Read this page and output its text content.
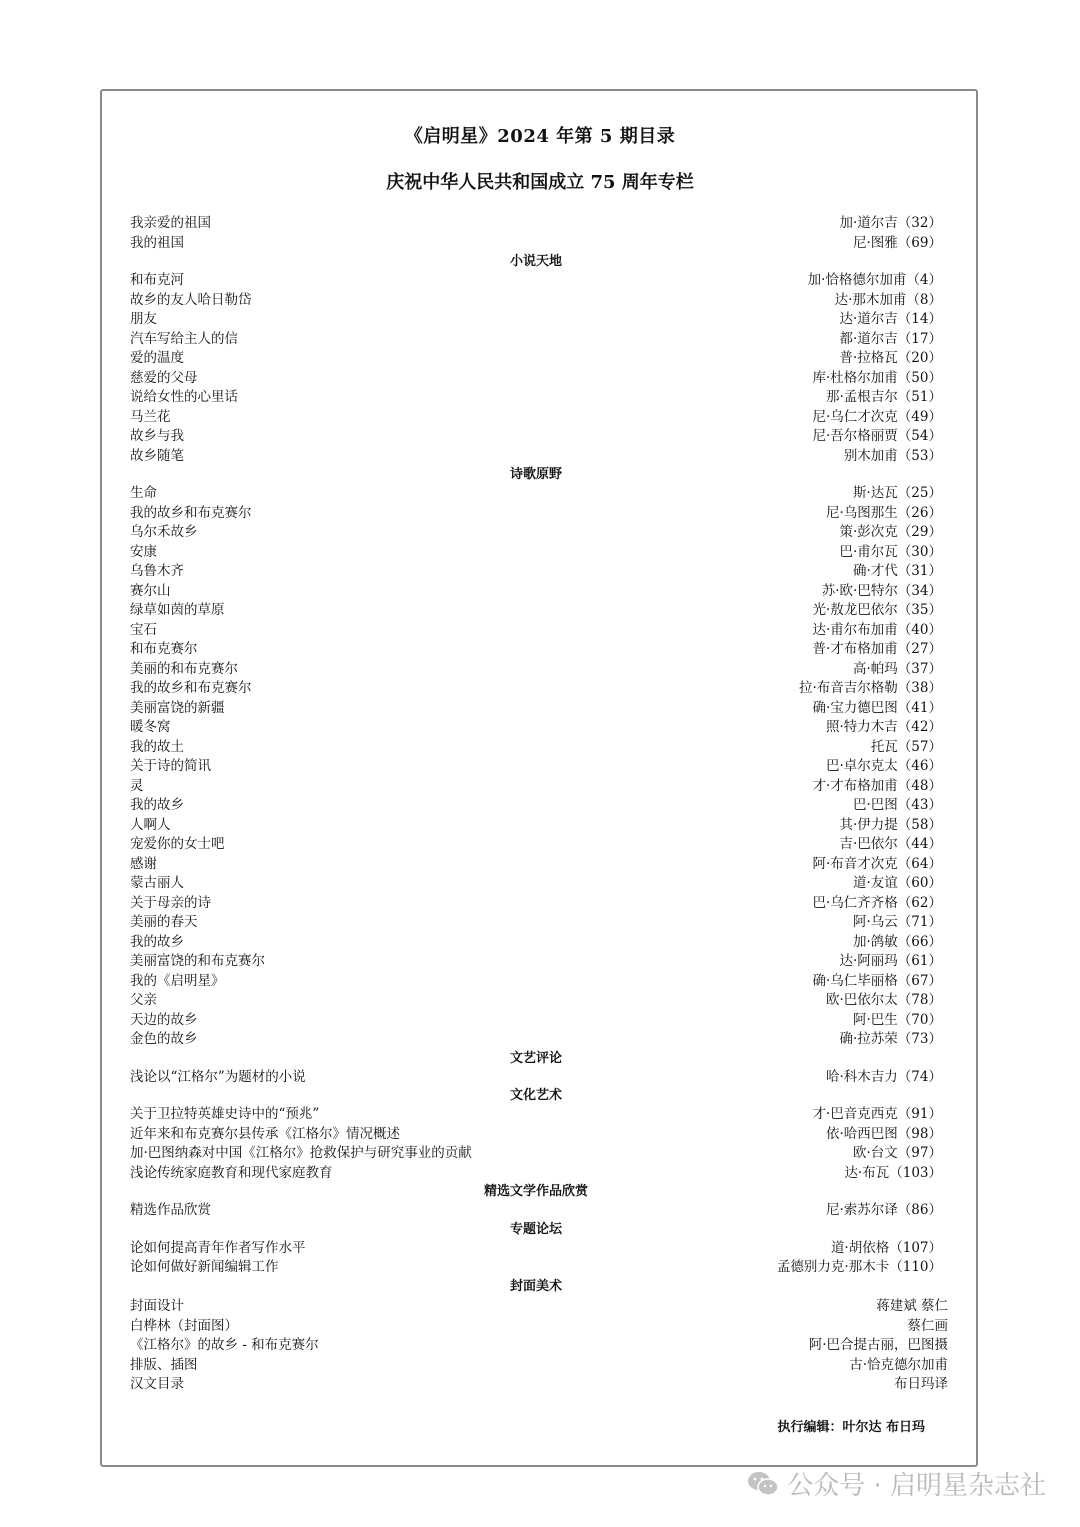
《启明星》2024 年第 5 期目录
庆祝中华人民共和国成立 75 周年专栏
我亲爱的祖国	加·道尔吉（32）
我的祖国	尼·图雅（69）
小说天地
和布克河	加·恰格德尔加甫（4）
故乡的友人哈日勒岱	达·那木加甫（8）
朋友	达·道尔吉（14）
汽车写给主人的信	都·道尔吉（17）
爱的温度	普·拉格瓦（20）
慈爱的父母	库·杜格尔加甫（50）
说给女性的心里话	那·孟根吉尔（51）
马兰花	尼·乌仁才次克（49）
故乡与我	尼·吾尔格丽贾（54）
故乡随笔	别木加甫（53）
诗歌原野
生命	斯·达瓦（25）
我的故乡和布克赛尔	尼·乌图那生（26）
乌尔禾故乡	策·彭次克（29）
安康	巴·甫尔瓦（30）
乌鲁木齐	确·才代（31）
赛尔山	苏·欧·巴特尔（34）
绿草如茵的草原	光·敖龙巴依尔（35）
宝石	达·甫尔布加甫（40）
和布克赛尔	普·才布格加甫（27）
美丽的和布克赛尔	高·帕玛（37）
我的故乡和布克赛尔	拉·布音吉尔格勒（38）
美丽富饶的新疆	确·宝力德巴图（41）
暖冬窝	照·特力木吉（42）
我的故土	托瓦（57）
关于诗的简讯	巴·卓尔克太（46）
灵	才·才布格加甫（48）
我的故乡	巴·巴图（43）
人啊人	其·伊力提（58）
宠爱你的女士吧	吉·巴依尔（44）
感谢	阿·布音才次克（64）
蒙古丽人	道·友谊（60）
关于母亲的诗	巴·乌仁齐齐格（62）
美丽的春天	阿·乌云（71）
我的故乡	加·鸽敏（66）
美丽富饶的和布克赛尔	达·阿丽玛（61）
我的《启明星》	确·乌仁毕丽格（67）
父亲	欧·巴依尔太（78）
天边的故乡	阿·巴生（70）
金色的故乡	确·拉苏荣（73）
文艺评论
浅论以“江格尔”为题材的小说	哈·科木吉力（74）
文化艺术
关于卫拉特英雄史诗中的“预兆”	才·巴音克西克（91）
近年来和布克赛尔县传承《江格尔》情况概述	依·哈西巴图（98）
加·巴图纳森对中国《江格尔》抢救保护与研究事业的贡献	欧·台文（97）
浅论传统家庭教育和现代家庭教育	达·布瓦（103）
精选文学作品欣赏
精选作品欣赏	尼·索苏尔译（86）
专题论坛
论如何提高青年作者写作水平	道·胡依格（107）
论如何做好新闻编辑工作	孟德别力克·那木卡（110）
封面美术
封面设计	蒋建斌 蔡仁
白桦林（封面图）	蔡仁画
《江格尔》的故乡 - 和布克赛尔	阿·巴合提古丽，巴图摄
排版、插图	古·恰克德尔加甫
汉文目录	布日玛译
执行编辑：叶尔达 布日玛
公众号 · 启明星杂志社
